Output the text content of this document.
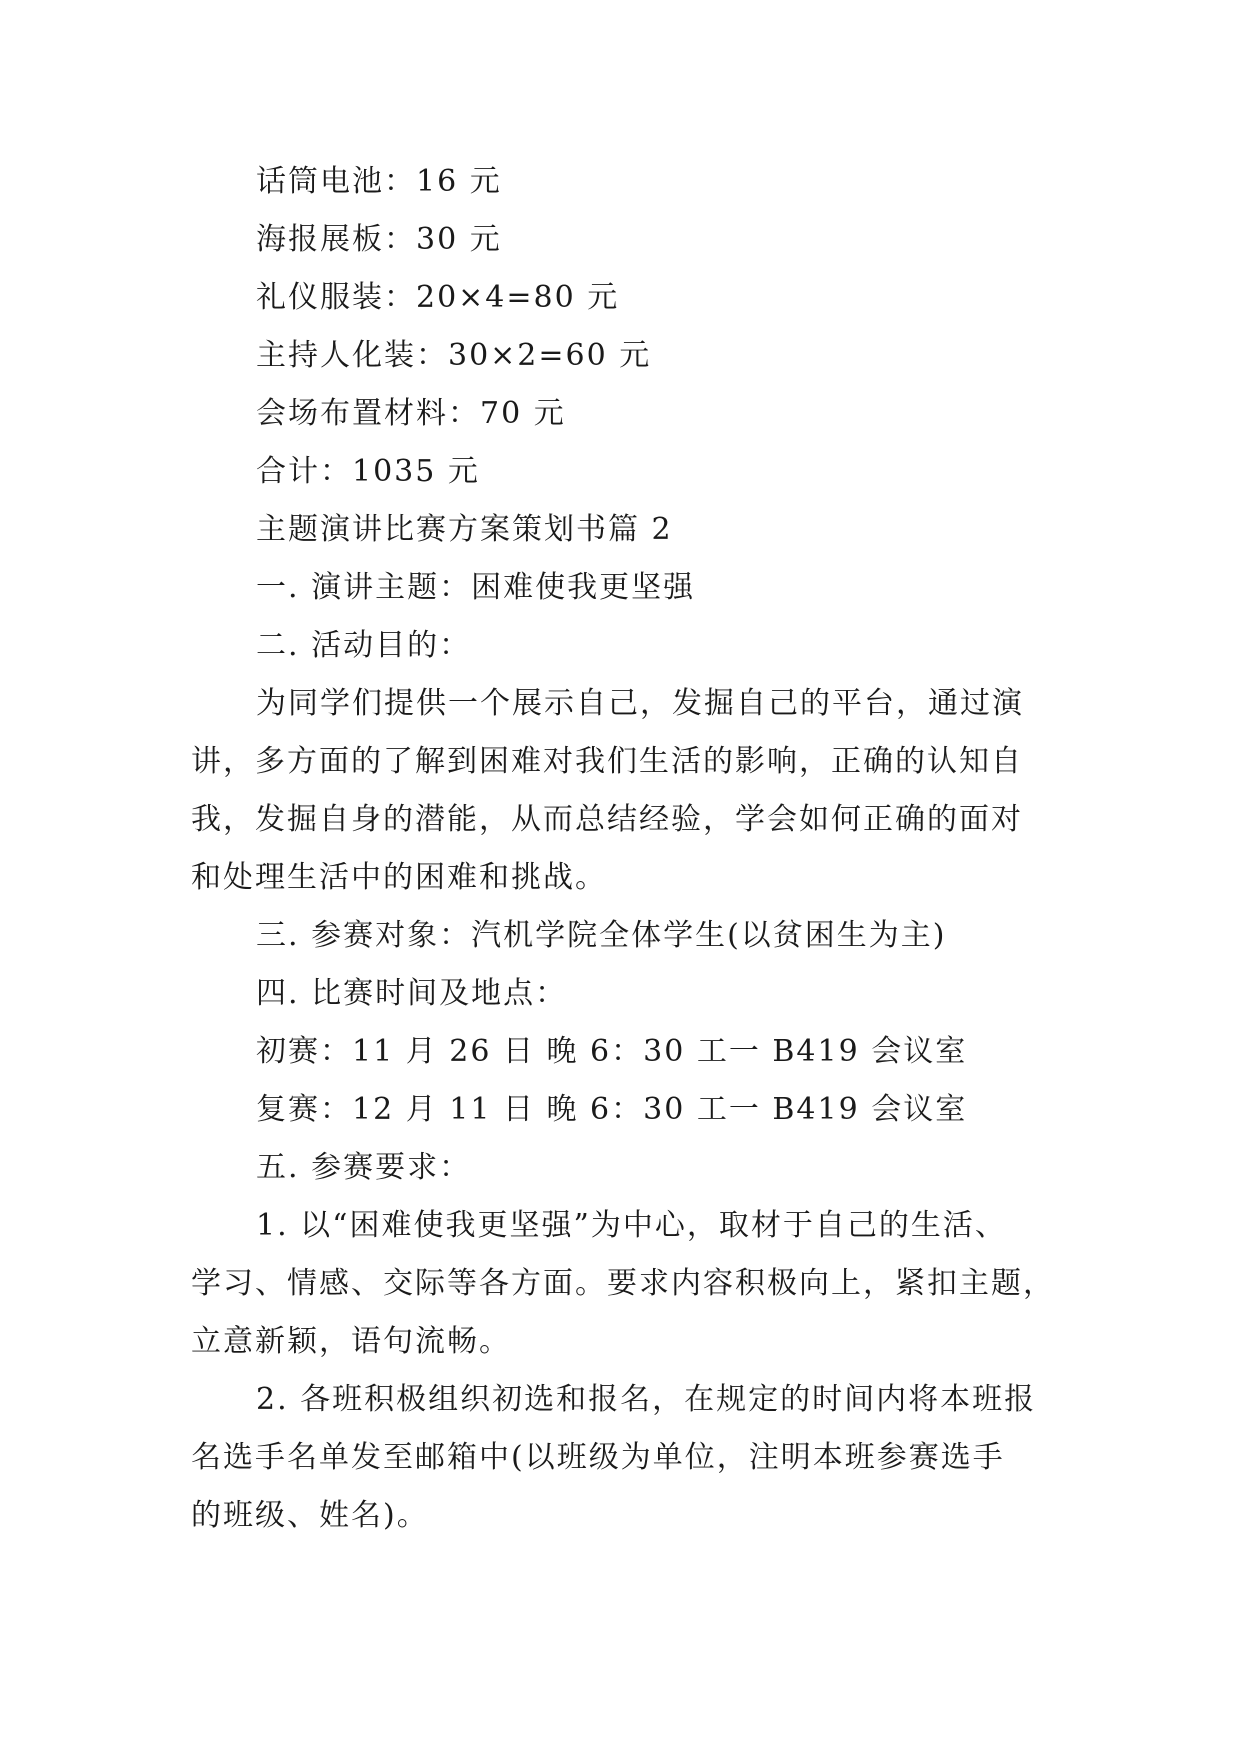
话筒电池：16 元
海报展板：30 元
礼仪服装：20×4=80 元
主持人化装：30×2=60 元
会场布置材料：70 元
合计：1035 元
主题演讲比赛方案策划书篇 2
一. 演讲主题：困难使我更坚强
二. 活动目的：
为同学们提供一个展示自己，发掘自己的平台，通过演
讲，多方面的了解到困难对我们生活的影响，正确的认知自
我，发掘自身的潜能，从而总结经验，学会如何正确的面对
和处理生活中的困难和挑战。
三. 参赛对象：汽机学院全体学生(以贫困生为主)
四. 比赛时间及地点：
初赛：11 月 26 日 晚 6：30 工一 B419 会议室
复赛：12 月 11 日 晚 6：30 工一 B419 会议室
五. 参赛要求：
1. 以“困难使我更坚强”为中心，取材于自己的生活、
学习、情感、交际等各方面。要求内容积极向上，紧扣主题，
立意新颖，语句流畅。
2. 各班积极组织初选和报名，在规定的时间内将本班报
名选手名单发至邮箱中(以班级为单位，注明本班参赛选手
的班级、姓名)。
